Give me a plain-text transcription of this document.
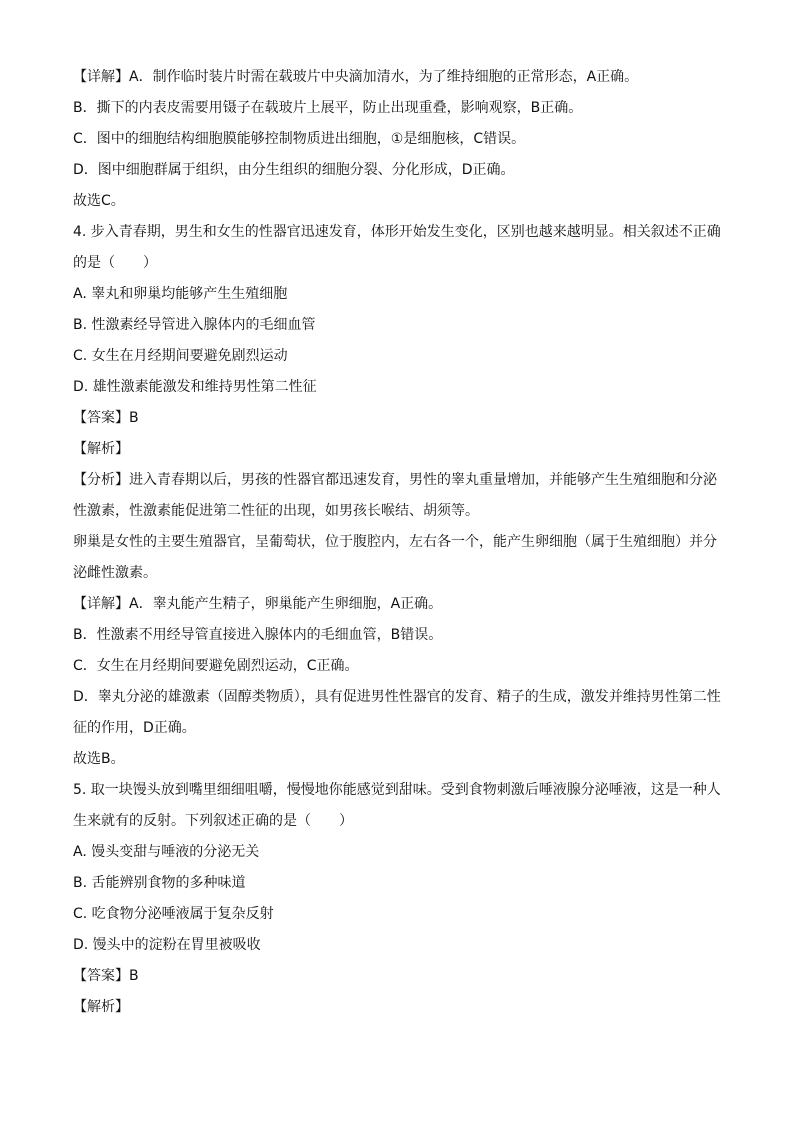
【详解】A．制作临时装片时需在载玻片中央滴加清水，为了维持细胞的正常形态，A正确。
B．撕下的内表皮需要用镊子在载玻片上展平，防止出现重叠，影响观察，B正确。
C．图中的细胞结构细胞膜能够控制物质进出细胞，①是细胞核，C错误。
D．图中细胞群属于组织，由分生组织的细胞分裂、分化形成，D正确。
故选C。
4. 步入青春期，男生和女生的性器官迅速发育，体形开始发生变化，区别也越来越明显。相关叙述不正确
的是（　　）
A. 睾丸和卵巢均能够产生生殖细胞
B. 性激素经导管进入腺体内的毛细血管
C. 女生在月经期间要避免剧烈运动
D. 雄性激素能激发和维持男性第二性征
【答案】B
【解析】
【分析】进入青春期以后，男孩的性器官都迅速发育，男性的睾丸重量增加，并能够产生生殖细胞和分泌
性激素，性激素能促进第二性征的出现，如男孩长喉结、胡须等。
卵巢是女性的主要生殖器官，呈葡萄状，位于腹腔内，左右各一个，能产生卵细胞（属于生殖细胞）并分
泌雌性激素。
【详解】A．睾丸能产生精子，卵巢能产生卵细胞，A正确。
B．性激素不用经导管直接进入腺体内的毛细血管，B错误。
C．女生在月经期间要避免剧烈运动，C正确。
D．睾丸分泌的雄激素（固醇类物质），具有促进男性性器官的发育、精子的生成，激发并维持男性第二性
征的作用，D正确。
故选B。
5. 取一块馒头放到嘴里细细咀嚼，慢慢地你能感觉到甜味。受到食物刺激后唾液腺分泌唾液，这是一种人
生来就有的反射。下列叙述正确的是（　　）
A. 馒头变甜与唾液的分泌无关
B. 舌能辨别食物的多种味道
C. 吃食物分泌唾液属于复杂反射
D. 馒头中的淀粉在胃里被吸收
【答案】B
【解析】
